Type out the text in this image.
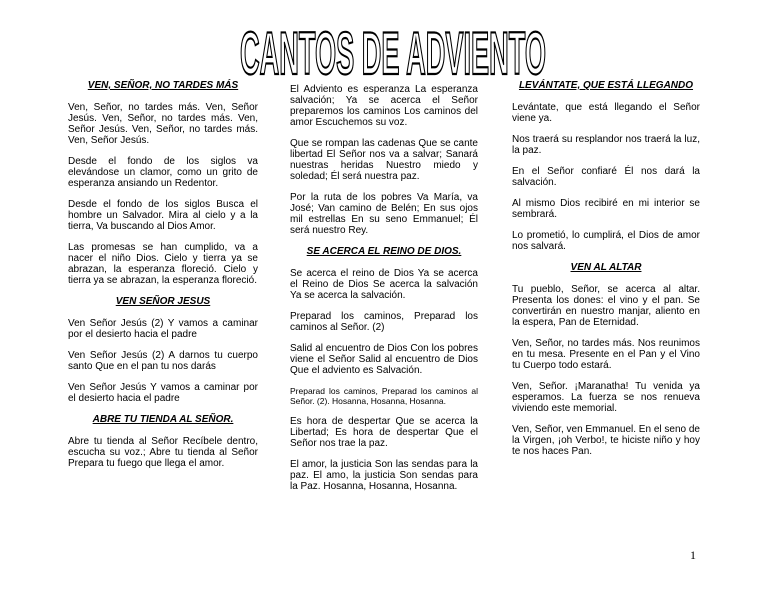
CANTOS DE ADVIENTO
VEN, SEÑOR, NO TARDES MÁS

Ven, Señor, no tardes más. Ven, Señor Jesús. Ven, Señor, no tardes más. Ven, Señor Jesús. Ven, Señor, no tardes más. Ven, Señor Jesús.

Desde el fondo de los siglos va elevándose un clamor, como un grito de esperanza ansiando un Redentor.

Desde el fondo de los siglos Busca el hombre un Salvador. Mira al cielo y a la tierra, Va buscando al Dios Amor.

Las promesas se han cumplido, va a nacer el niño Dios. Cielo y tierra ya se abrazan, la esperanza floreció. Cielo y tierra ya se abrazan, la esperanza floreció.

VEN SEÑOR JESUS

Ven Señor Jesús (2) Y vamos a caminar por el desierto hacia el padre

Ven Señor Jesús (2) A darnos tu cuerpo santo Que en el pan tu nos darás

Ven Señor Jesús Y vamos a caminar por el desierto hacia el padre

ABRE TU TIENDA AL SEÑOR.

Abre tu tienda al Señor Recíbele dentro, escucha su voz.; Abre tu tienda al Señor Prepara tu fuego que llega el amor.

El Adviento es esperanza La esperanza salvación; Ya se acerca el Señor preparemos los caminos Los caminos del amor Escuchemos su voz.

Que se rompan las cadenas Que se cante libertad El Señor nos va a salvar; Sanará nuestras heridas Nuestro miedo y soledad; Él será nuestra paz.

Por la ruta de los pobres Va María, va José; Van camino de Belén; En sus ojos mil estrellas En su seno Emmanuel; Él será nuestro Rey.

SE ACERCA EL REINO DE DIOS.

Se acerca el reino de Dios Ya se acerca el Reino de Dios Se acerca la salvación Ya se acerca la salvación.

Preparad los caminos, Preparad los caminos al Señor. (2)

Salid al encuentro de Dios Con los pobres viene el Señor Salid al encuentro de Dios Que el adviento es Salvación.

Preparad los caminos, Preparad los caminos al Señor. (2). Hosanna, Hosanna, Hosanna.

Es hora de despertar Que se acerca la Libertad; Es hora de despertar Que el Señor nos trae la paz.

El amor, la justicia Son las sendas para la paz. El amo, la justicia Son sendas para la Paz. Hosanna, Hosanna, Hosanna.

LEVÁNTATE, QUE ESTÁ LLEGANDO

Levántate, que está llegando el Señor viene ya.

Nos traerá su resplandor nos traerá la luz, la paz.

En el Señor confiaré Él nos dará la salvación.

Al mismo Dios recibiré en mi interior se sembrará.

Lo prometió, lo cumplirá, el Dios de amor nos salvará.

VEN AL ALTAR

Tu pueblo, Señor, se acerca al altar. Presenta los dones: el vino y el pan. Se convertirán en nuestro manjar, aliento en la espera, Pan de Eternidad.

Ven, Señor, no tardes más. Nos reunimos en tu mesa. Presente en el Pan y el Vino tu Cuerpo todo estará.

Ven, Señor. ¡Maranatha! Tu venida ya esperamos. La fuerza se nos renueva viviendo este memorial.

Ven, Señor, ven Emmanuel. En el seno de la Virgen, ¡oh Verbo!, te hiciste niño y hoy te nos haces Pan.

1
